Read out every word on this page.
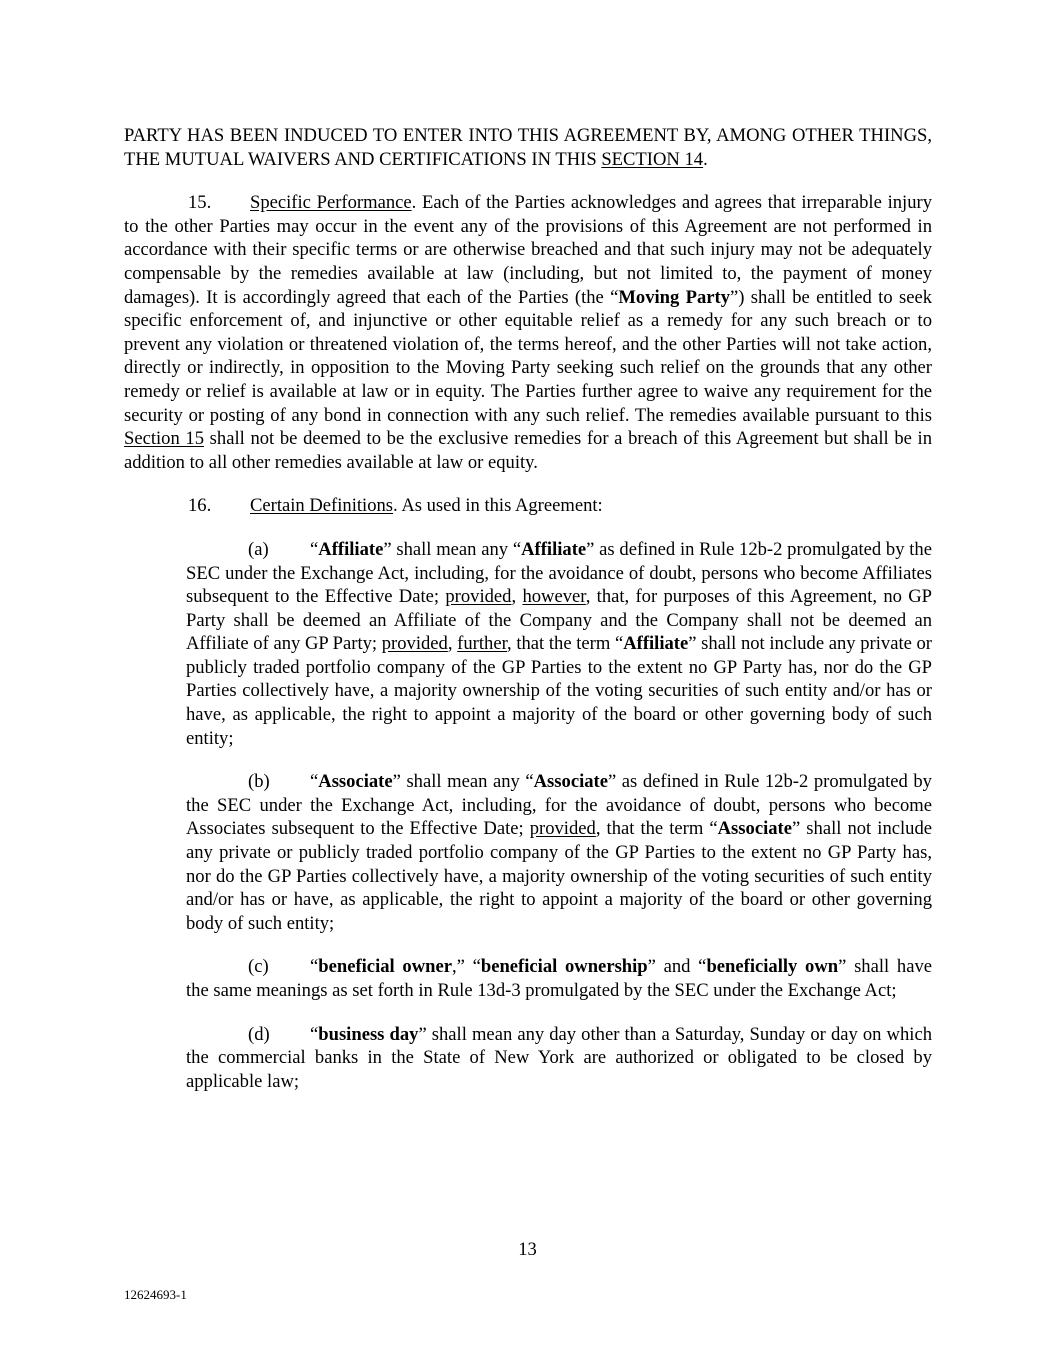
PARTY HAS BEEN INDUCED TO ENTER INTO THIS AGREEMENT BY, AMONG OTHER THINGS, THE MUTUAL WAIVERS AND CERTIFICATIONS IN THIS SECTION 14.

15. Specific Performance. Each of the Parties acknowledges and agrees that irreparable injury to the other Parties may occur in the event any of the provisions of this Agreement are not performed in accordance with their specific terms or are otherwise breached and that such injury may not be adequately compensable by the remedies available at law (including, but not limited to, the payment of money damages). It is accordingly agreed that each of the Parties (the “Moving Party”) shall be entitled to seek specific enforcement of, and injunctive or other equitable relief as a remedy for any such breach or to prevent any violation or threatened violation of, the terms hereof, and the other Parties will not take action, directly or indirectly, in opposition to the Moving Party seeking such relief on the grounds that any other remedy or relief is available at law or in equity. The Parties further agree to waive any requirement for the security or posting of any bond in connection with any such relief. The remedies available pursuant to this Section 15 shall not be deemed to be the exclusive remedies for a breach of this Agreement but shall be in addition to all other remedies available at law or equity.

16. Certain Definitions. As used in this Agreement:

(a) “Affiliate” shall mean any “Affiliate” as defined in Rule 12b-2 promulgated by the SEC under the Exchange Act, including, for the avoidance of doubt, persons who become Affiliates subsequent to the Effective Date; provided, however, that, for purposes of this Agreement, no GP Party shall be deemed an Affiliate of the Company and the Company shall not be deemed an Affiliate of any GP Party; provided, further, that the term “Affiliate” shall not include any private or publicly traded portfolio company of the GP Parties to the extent no GP Party has, nor do the GP Parties collectively have, a majority ownership of the voting securities of such entity and/or has or have, as applicable, the right to appoint a majority of the board or other governing body of such entity;

(b) “Associate” shall mean any “Associate” as defined in Rule 12b-2 promulgated by the SEC under the Exchange Act, including, for the avoidance of doubt, persons who become Associates subsequent to the Effective Date; provided, that the term “Associate” shall not include any private or publicly traded portfolio company of the GP Parties to the extent no GP Party has, nor do the GP Parties collectively have, a majority ownership of the voting securities of such entity and/or has or have, as applicable, the right to appoint a majority of the board or other governing body of such entity;

(c) “beneficial owner,” “beneficial ownership” and “beneficially own” shall have the same meanings as set forth in Rule 13d-3 promulgated by the SEC under the Exchange Act;

(d) “business day” shall mean any day other than a Saturday, Sunday or day on which the commercial banks in the State of New York are authorized or obligated to be closed by applicable law;

13
12624693-1
